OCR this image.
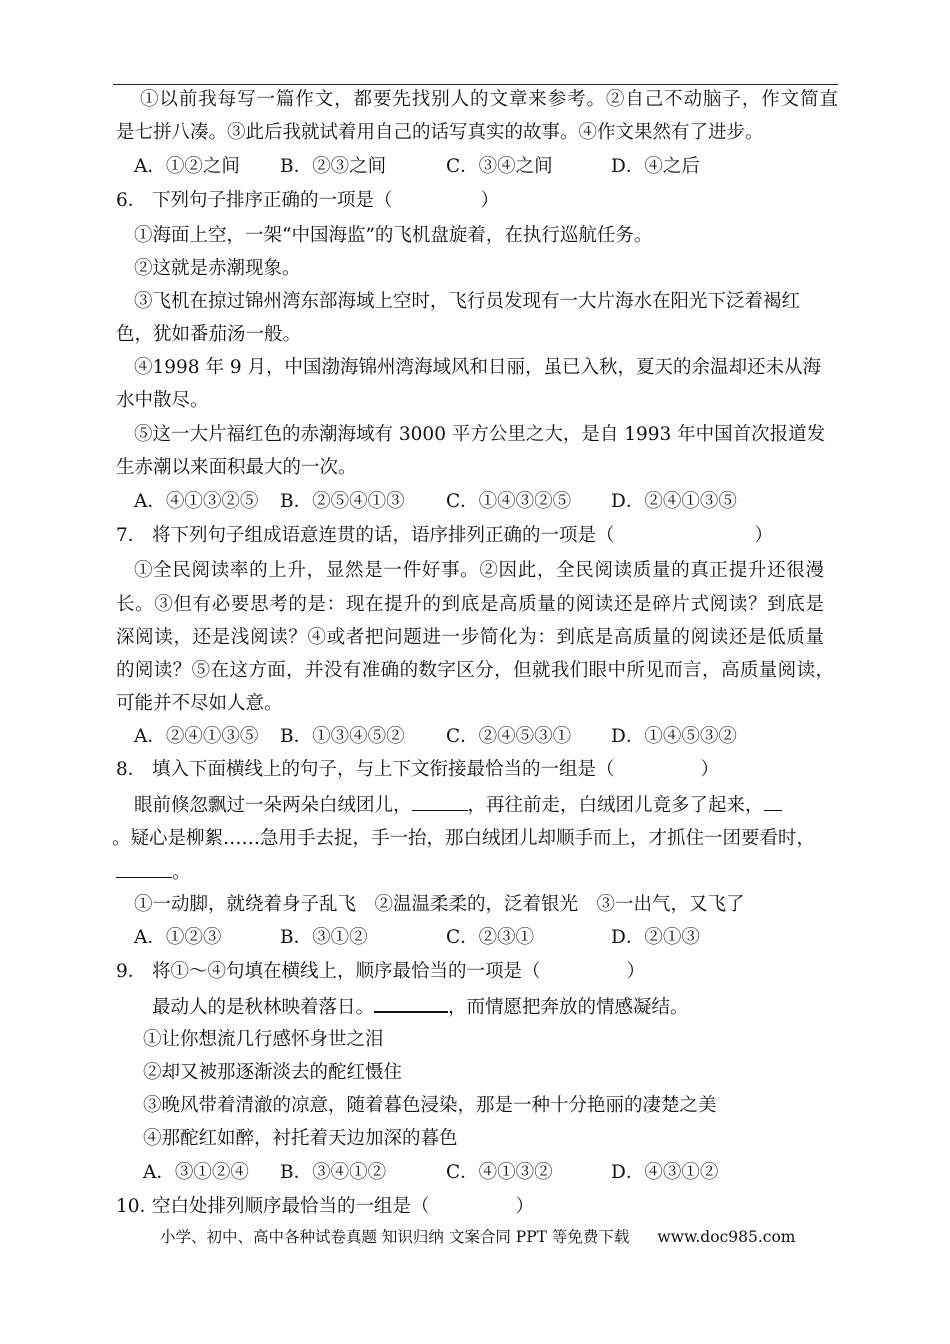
①以前我每写一篇作文，都要先找别人的文章来参考。②自己不动脑子，作文简直
是七拼八凑。③此后我就试着用自己的话写真实的故事。④作文果然有了进步。
A．①②之间 B．②③之间	C．③④之间	D．④之后
6． 下列句子排序正确的一项是（	）
①海面上空，一架“中国海监”的飞机盘旋着，在执行巡航任务。
②这就是赤潮现象。
③飞机在掠过锦州湾东部海域上空时，飞行员发现有一大片海水在阳光下泛着褐红
色，犹如番茄汤一般。
④1998 年 9 月，中国渤海锦州湾海域风和日丽，虽已入秋，夏天的余温却还未从海
水中散尽。
⑤这一大片福红色的赤潮海域有 3000 平方公里之大，是自 1993 年中国首次报道发
生赤潮以来面积最大的一次。
A．④①③②⑤ B．②⑤④①③ C．①④③②⑤ D．②④①③⑤
7． 将下列句子组成语意连贯的话，语序排列正确的一项是（	）
①全民阅读率的上升，显然是一件好事。②因此，全民阅读质量的真正提升还很漫
长。③但有必要思考的是：现在提升的到底是高质量的阅读还是碎片式阅读？到底是
深阅读，还是浅阅读？④或者把问题进一步简化为：到底是高质量的阅读还是低质量
的阅读？⑤在这方面，并没有准确的数字区分，但就我们眼中所见而言，高质量阅读，
可能并不尽如人意。
A．②④①③⑤ B．①③④⑤② C．②④⑤③① D．①④⑤③②
8． 填入下面横线上的句子，与上下文衔接最恰当的一组是（	）
眼前倏忽飘过一朵两朵白绒团儿，	，再往前走，白绒团儿竟多了起来，
。疑心是柳絮……急用手去捉，手一抬，那白绒团儿却顺手而上，才抓住一团要看时，
。
①一动脚，就绕着身子乱飞　②温温柔柔的，泛着银光　③一出气，又飞了
A．①②③	B．③①②	C．②③①	D．②①③
9． 将①～④句填在横线上，顺序最恰当的一项是（	）
最动人的是秋林映着落日。	，而情愿把奔放的情感凝结。
①让你想流几行感怀身世之泪
②却又被那逐渐淡去的酡红慑住
③晚风带着清澈的凉意，随着暮色浸染，那是一种十分艳丽的凄楚之美
④那酡红如醉，衬托着天边加深的暮色
A．③①②④ B．③④①②	C．④①③②	D．④③①②
10．空白处排列顺序最恰当的一组是（	）
小学、初中、高中各种试卷真题 知识归纳 文案合同 PPT 等免费下载 www.doc985.com
